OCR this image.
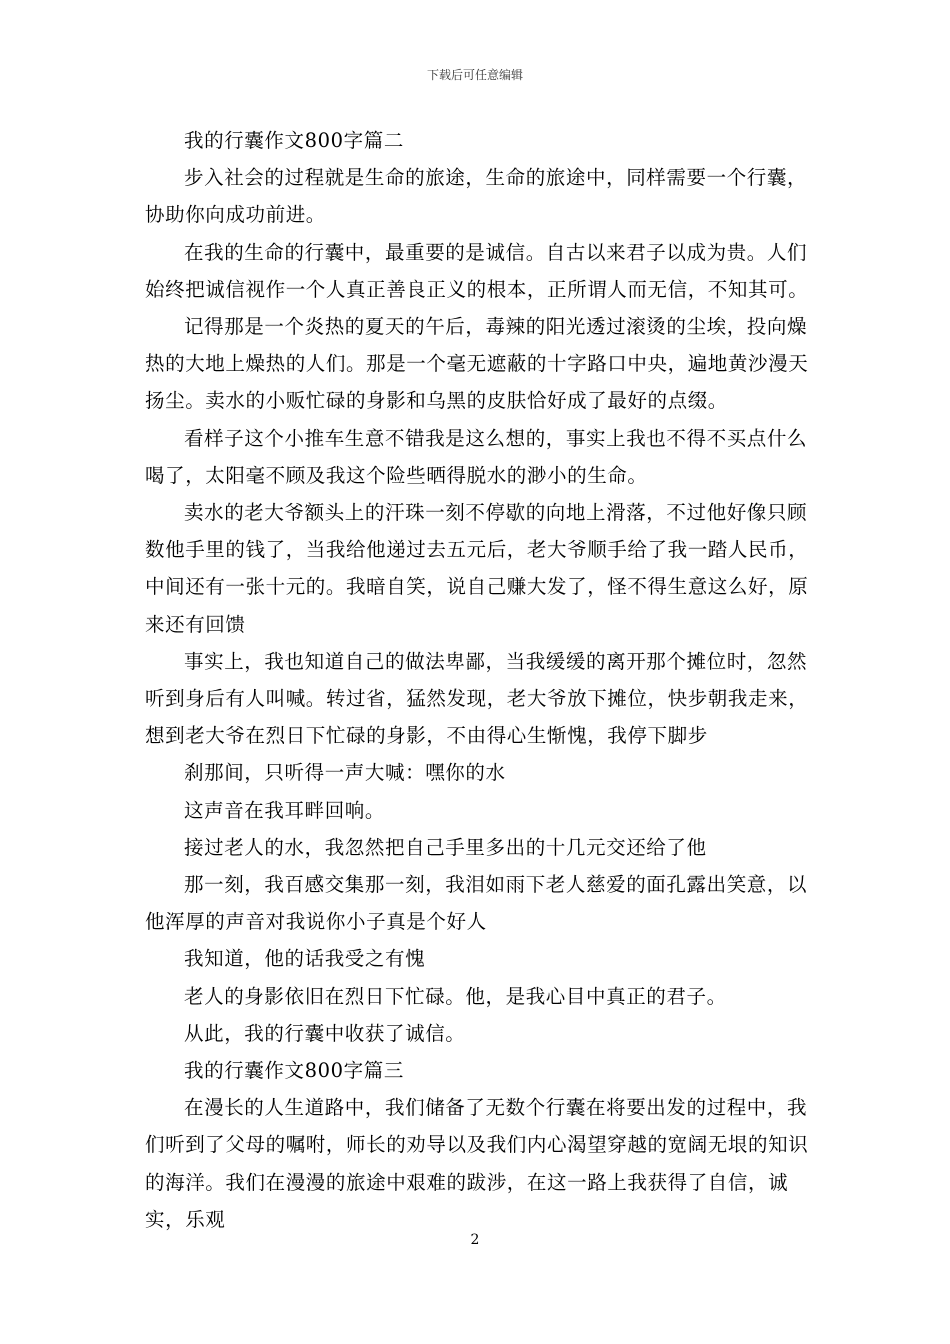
下载后可任意编辑

我的行囊作文800字篇二

步入社会的过程就是生命的旅途，生命的旅途中，同样需要一个行囊，协助你向成功前进。

在我的生命的行囊中，最重要的是诚信。自古以来君子以成为贵。人们始终把诚信视作一个人真正善良正义的根本，正所谓人而无信，不知其可。

记得那是一个炎热的夏天的午后，毒辣的阳光透过滚烫的尘埃，投向燥热的大地上燥热的人们。那是一个毫无遮蔽的十字路口中央，遍地黄沙漫天扬尘。卖水的小贩忙碌的身影和乌黑的皮肤恰好成了最好的点缀。

看样子这个小推车生意不错我是这么想的，事实上我也不得不买点什么喝了，太阳毫不顾及我这个险些晒得脱水的渺小的生命。

卖水的老大爷额头上的汗珠一刻不停歇的向地上滑落，不过他好像只顾数他手里的钱了，当我给他递过去五元后，老大爷顺手给了我一踏人民币，中间还有一张十元的。我暗自笑，说自己赚大发了，怪不得生意这么好，原来还有回馈

事实上，我也知道自己的做法卑鄙，当我缓缓的离开那个摊位时，忽然听到身后有人叫喊。转过省，猛然发现，老大爷放下摊位，快步朝我走来，想到老大爷在烈日下忙碌的身影，不由得心生惭愧，我停下脚步

刹那间，只听得一声大喊：嘿你的水

这声音在我耳畔回响。

接过老人的水，我忽然把自己手里多出的十几元交还给了他

那一刻，我百感交集那一刻，我泪如雨下老人慈爱的面孔露出笑意，以他浑厚的声音对我说你小子真是个好人

我知道，他的话我受之有愧

老人的身影依旧在烈日下忙碌。他，是我心目中真正的君子。

从此，我的行囊中收获了诚信。

我的行囊作文800字篇三

在漫长的人生道路中，我们储备了无数个行囊在将要出发的过程中，我们听到了父母的嘱咐，师长的劝导以及我们内心渴望穿越的宽阔无垠的知识的海洋。我们在漫漫的旅途中艰难的跋涉，在这一路上我获得了自信，诚实，乐观

2
